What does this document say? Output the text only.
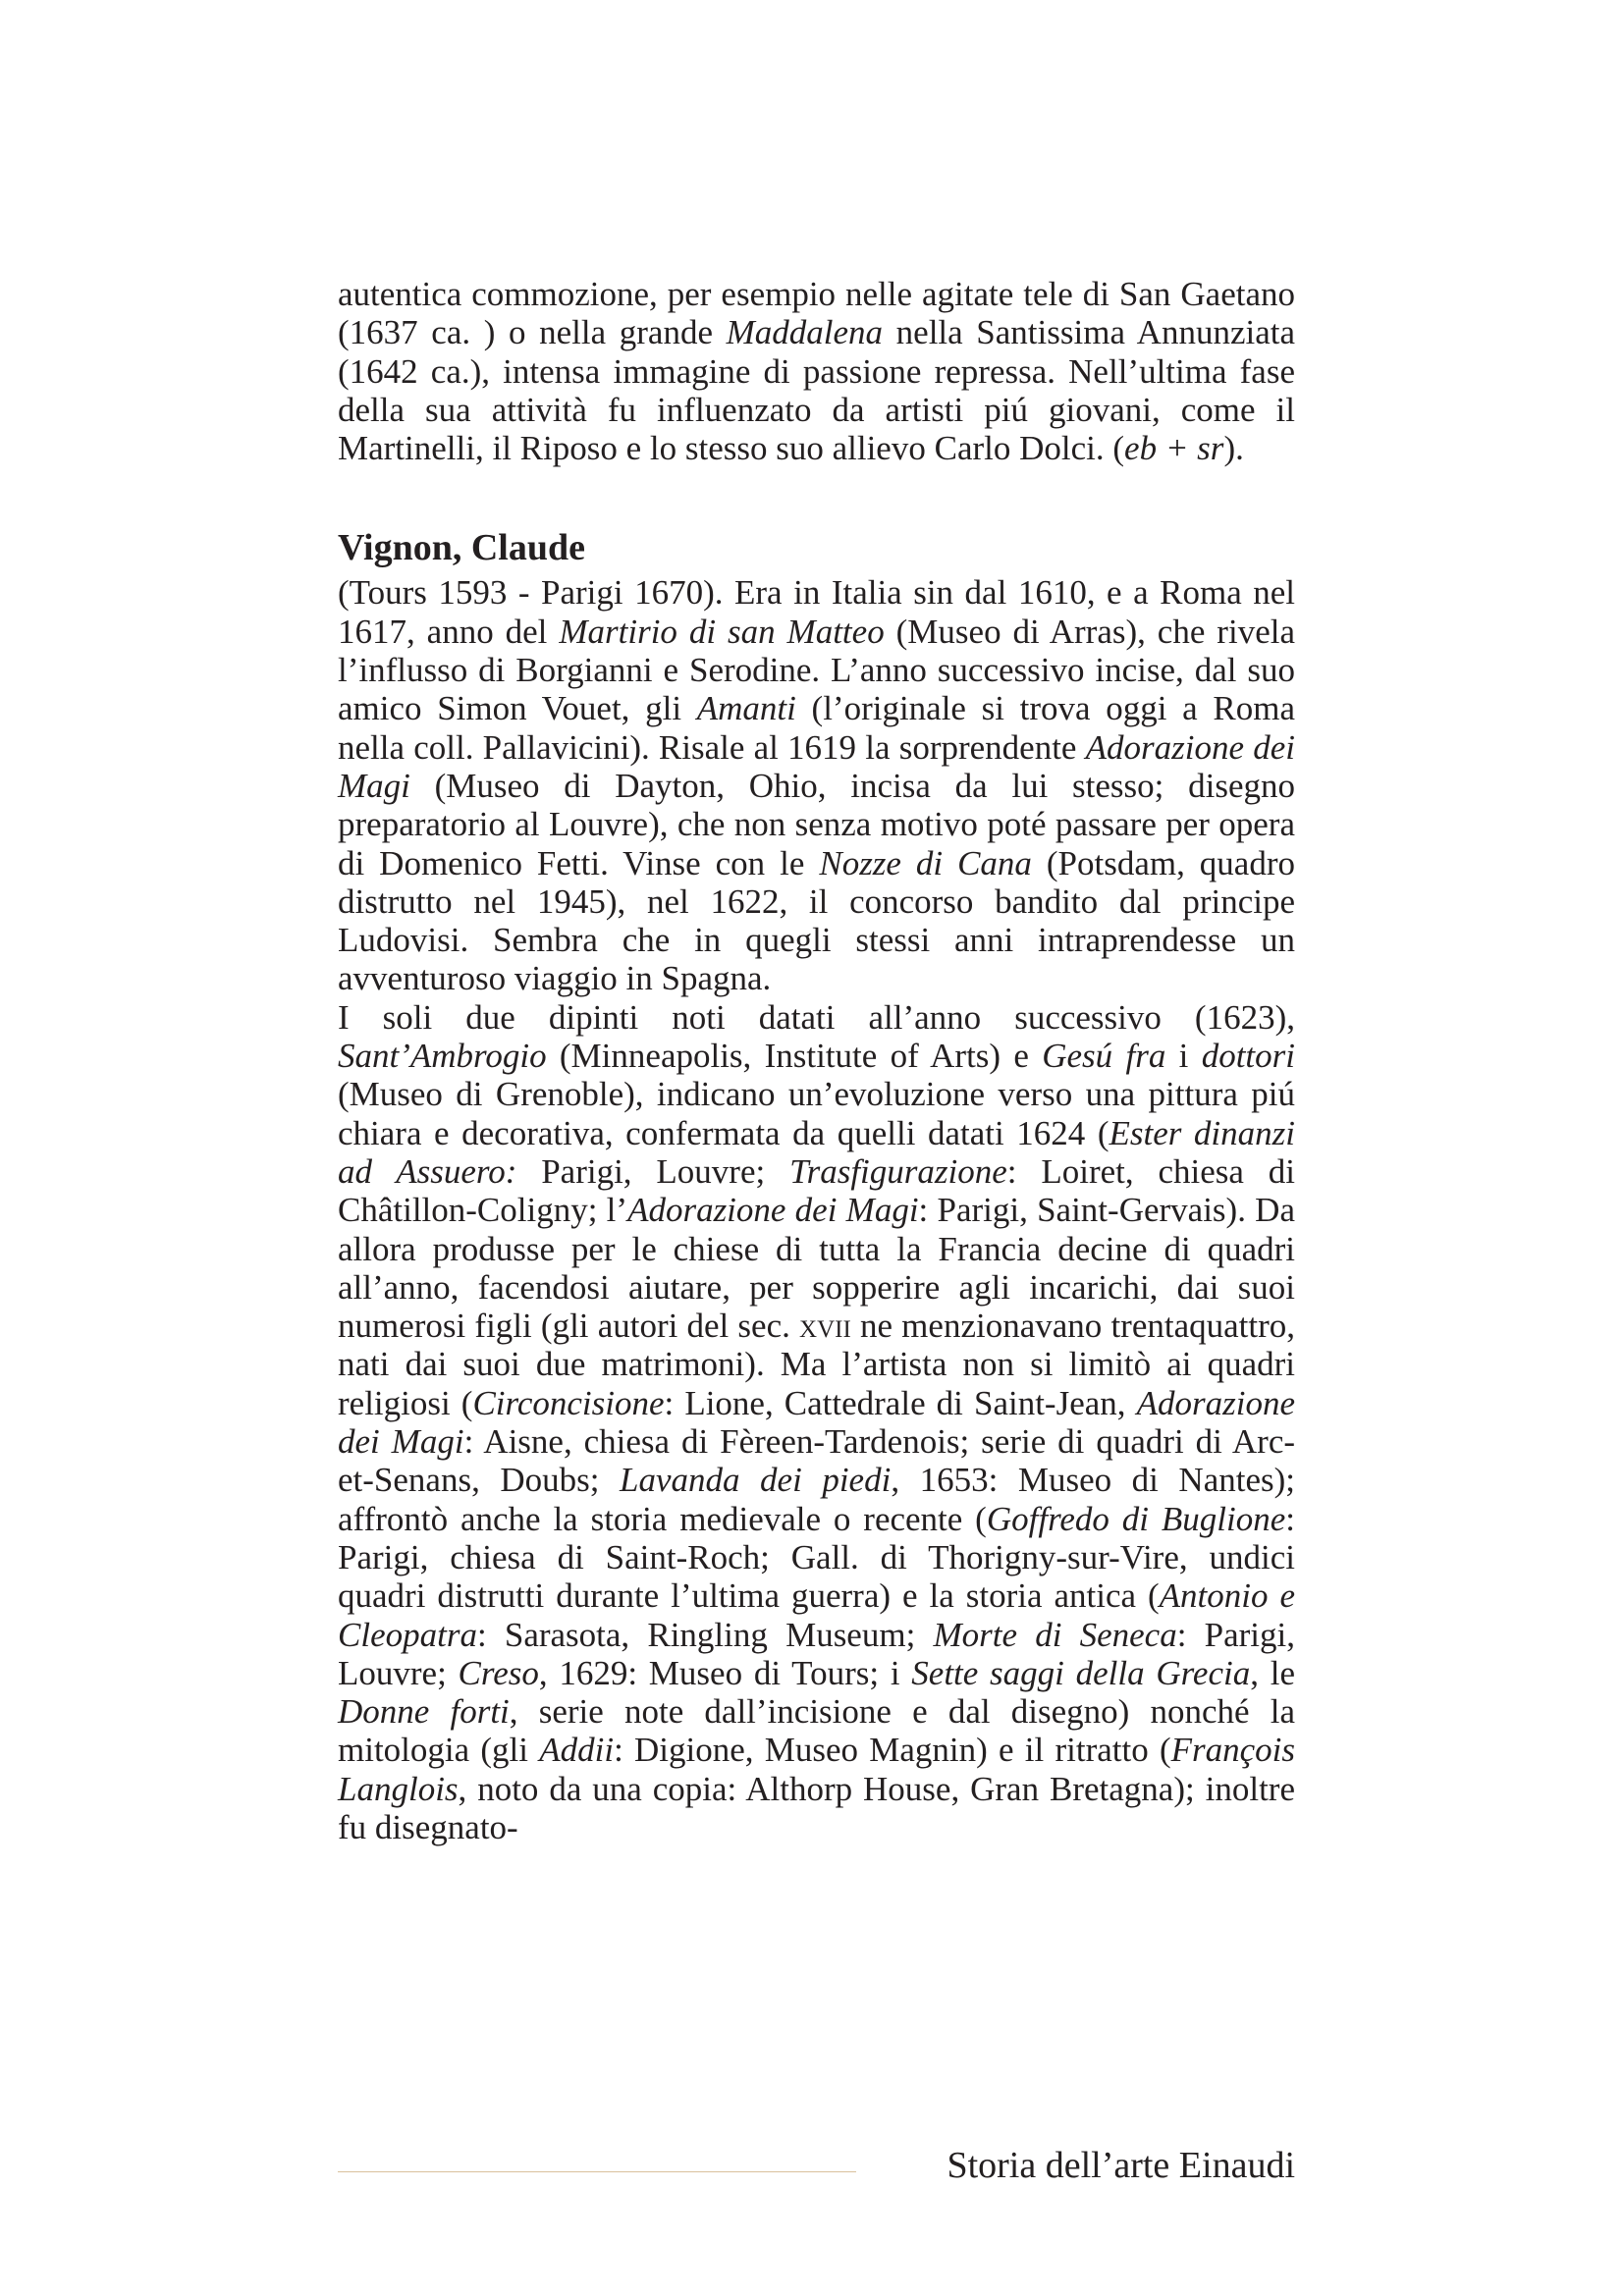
autentica commozione, per esempio nelle agitate tele di San Gaetano (1637 ca. ) o nella grande Maddalena nella Santissima Annunziata (1642 ca.), intensa immagine di passione repressa. Nell’ultima fase della sua attività fu influenzato da artisti piú giovani, come il Martinelli, il Riposo e lo stesso suo allievo Carlo Dolci. (eb + sr).

Vignon, Claude

(Tours 1593 - Parigi 1670). Era in Italia sin dal 1610, e a Roma nel 1617, anno del Martirio di san Matteo (Museo di Arras), che rivela l’influsso di Borgianni e Serodine. L’anno successivo incise, dal suo amico Simon Vouet, gli Amanti (l’originale si trova oggi a Roma nella coll. Pallavicini). Risale al 1619 la sorprendente Adorazione dei Magi (Museo di Dayton, Ohio, incisa da lui stesso; disegno preparatorio al Louvre), che non senza motivo poté passare per opera di Domenico Fetti. Vinse con le Nozze di Cana (Potsdam, quadro distrutto nel 1945), nel 1622, il concorso bandito dal principe Ludovisi. Sembra che in quegli stessi anni intraprendesse un avventuroso viaggio in Spagna.

I soli due dipinti noti datati all’anno successivo (1623), Sant’Ambrogio (Minneapolis, Institute of Arts) e Gesú fra i dottori (Museo di Grenoble), indicano un’evoluzione verso una pittura piú chiara e decorativa, confermata da quelli datati 1624 (Ester dinanzi ad Assuero: Parigi, Louvre; Trasfigurazione: Loiret, chiesa di Châtillon-Coligny; l’Adorazione dei Magi: Parigi, Saint-Gervais). Da allora produsse per le chiese di tutta la Francia decine di quadri all’anno, facendosi aiutare, per sopperire agli incarichi, dai suoi numerosi figli (gli autori del sec. xvii ne menzionavano trentaquattro, nati dai suoi due matrimoni). Ma l’artista non si limitò ai quadri religiosi (Circoncisione: Lione, Cattedrale di Saint-Jean, Adorazione dei Magi: Aisne, chiesa di Fèreen-Tardenois; serie di quadri di Arc-et-Senans, Doubs; Lavanda dei piedi, 1653: Museo di Nantes); affrontò anche la storia medievale o recente (Goffredo di Buglione: Parigi, chiesa di Saint-Roch; Gall. di Thorigny-sur-Vire, undici quadri distrutti durante l’ultima guerra) e la storia antica (Antonio e Cleopatra: Sarasota, Ringling Museum; Morte di Seneca: Parigi, Louvre; Creso, 1629: Museo di Tours; i Sette saggi della Grecia, le Donne forti, serie note dall’incisione e dal disegno) nonché la mitologia (gli Addii: Digione, Museo Magnin) e il ritratto (François Langlois, noto da una copia: Althorp House, Gran Bretagna); inoltre fu disegnato-

Storia dell’arte Einaudi
